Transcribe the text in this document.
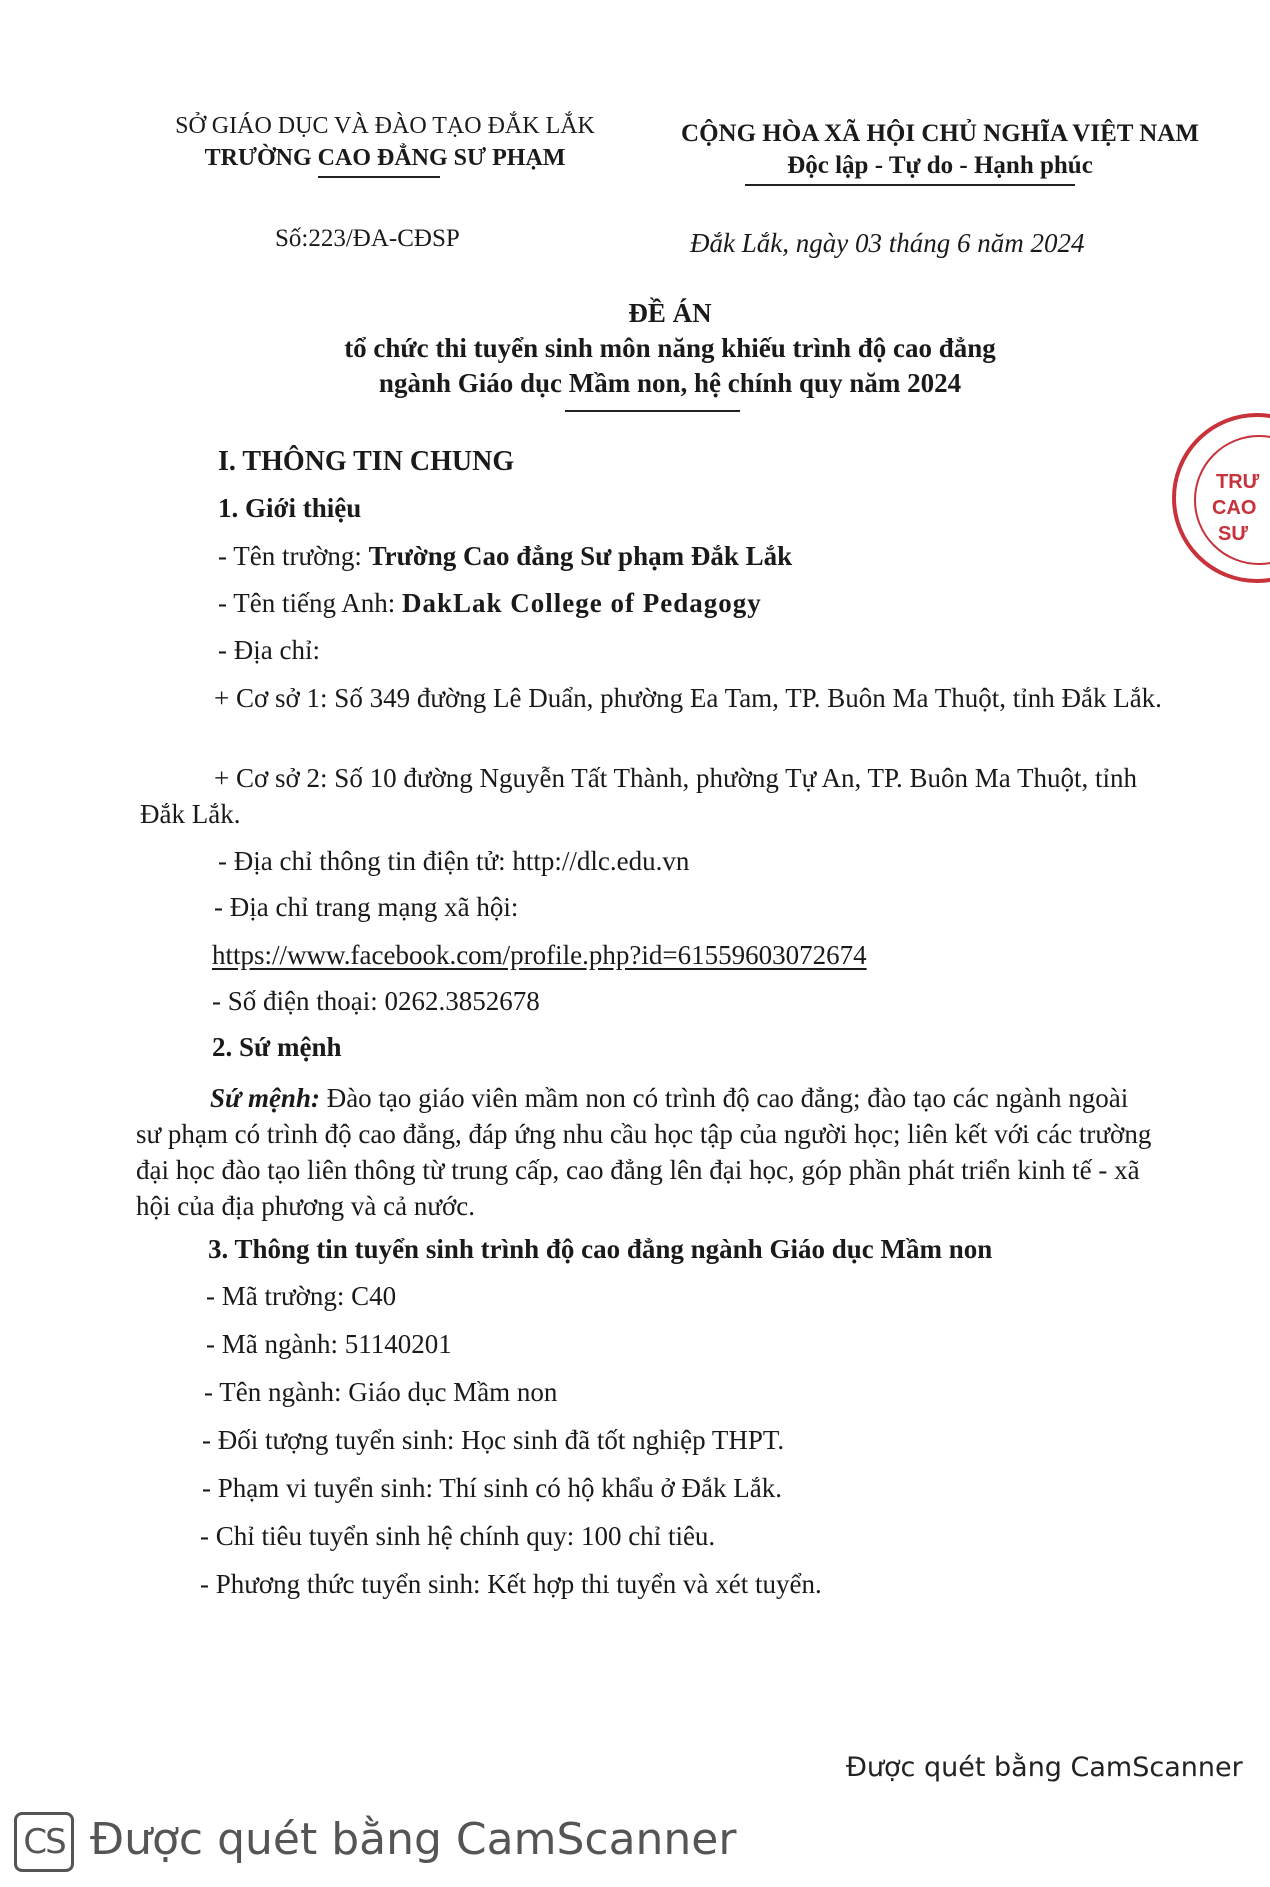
SỞ GIÁO DỤC VÀ ĐÀO TẠO ĐẮK LẮK
TRƯỜNG CAO ĐẲNG SƯ PHẠM
CỘNG HÒA XÃ HỘI CHỦ NGHĨA VIỆT NAM
Độc lập - Tự do - Hạnh phúc
Số:223/ĐA-CĐSP	Đắk Lắk, ngày 03 tháng 6 năm 2024
ĐỀ ÁN
tổ chức thi tuyển sinh môn năng khiếu trình độ cao đẳng
ngành Giáo dục Mầm non, hệ chính quy năm 2024
TRƯ
CAO
SƯ
I. THÔNG TIN CHUNG
1. Giới thiệu
- Tên trường: Trường Cao đẳng Sư phạm Đắk Lắk
- Tên tiếng Anh: DakLak College of Pedagogy
- Địa chỉ:
+ Cơ sở 1: Số 349 đường Lê Duẩn, phường Ea Tam, TP. Buôn Ma Thuột, tỉnh Đắk Lắk.
+ Cơ sở 2: Số 10 đường Nguyễn Tất Thành, phường Tự An, TP. Buôn Ma Thuột, tỉnh Đắk Lắk.
- Địa chỉ thông tin điện tử: http://dlc.edu.vn
- Địa chỉ trang mạng xã hội:
https://www.facebook.com/profile.php?id=61559603072674
- Số điện thoại: 0262.3852678
2. Sứ mệnh
Sứ mệnh: Đào tạo giáo viên mầm non có trình độ cao đẳng; đào tạo các ngành ngoài sư phạm có trình độ cao đẳng, đáp ứng nhu cầu học tập của người học; liên kết với các trường đại học đào tạo liên thông từ trung cấp, cao đẳng lên đại học, góp phần phát triển kinh tế - xã hội của địa phương và cả nước.
3. Thông tin tuyển sinh trình độ cao đẳng ngành Giáo dục Mầm non
- Mã trường: C40
- Mã ngành: 51140201
- Tên ngành: Giáo dục Mầm non
- Đối tượng tuyển sinh: Học sinh đã tốt nghiệp THPT.
- Phạm vi tuyển sinh: Thí sinh có hộ khẩu ở Đắk Lắk.
- Chỉ tiêu tuyển sinh hệ chính quy: 100 chỉ tiêu.
- Phương thức tuyển sinh: Kết hợp thi tuyển và xét tuyển.
Được quét bằng CamScanner
CS Được quét bằng CamScanner
